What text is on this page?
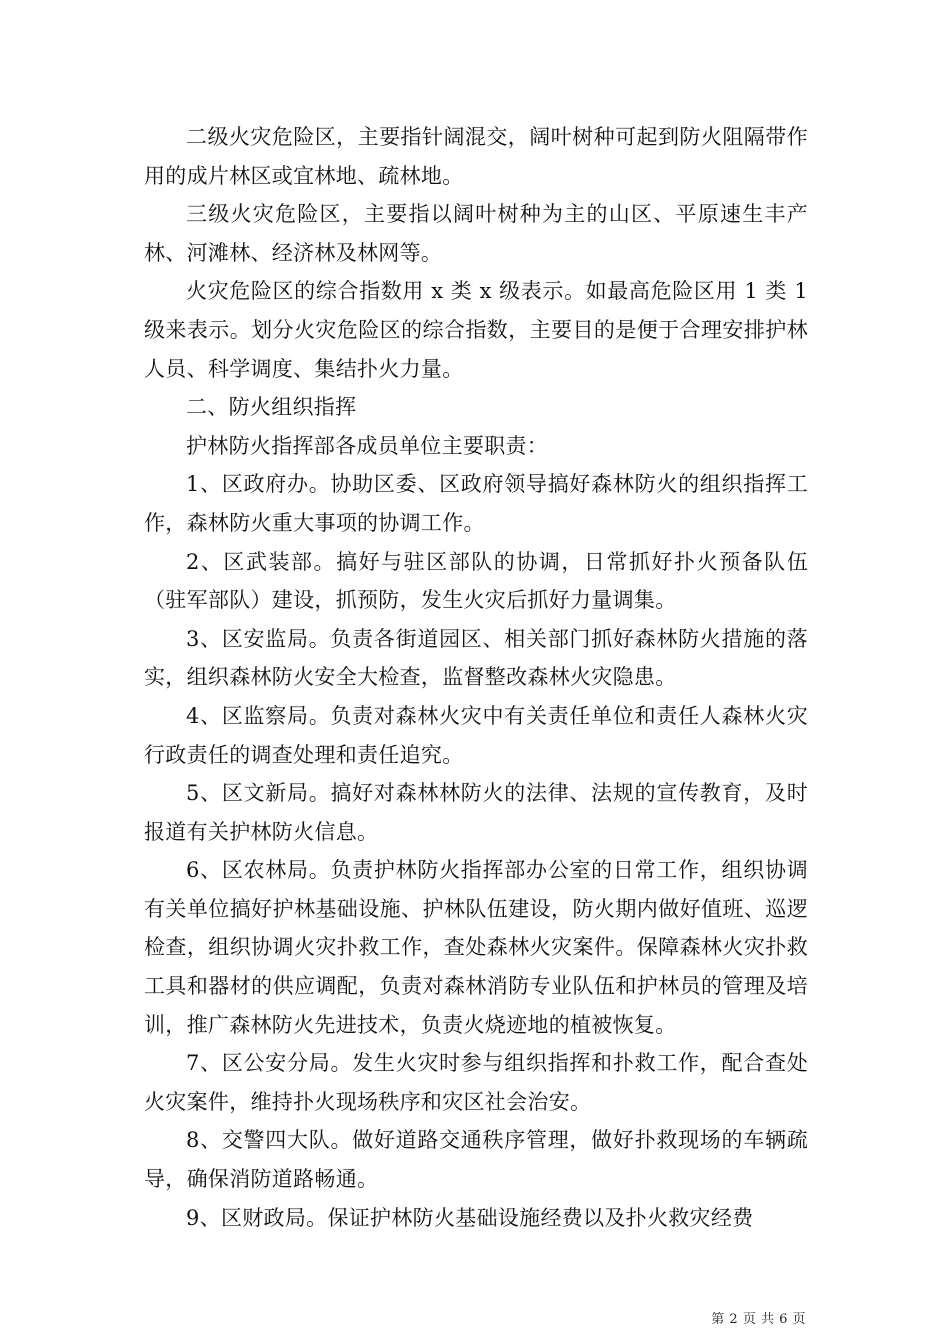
二级火灾危险区，主要指针阔混交，阔叶树种可起到防火阻隔带作用的成片林区或宜林地、疏林地。

三级火灾危险区，主要指以阔叶树种为主的山区、平原速生丰产林、河滩林、经济林及林网等。

火灾危险区的综合指数用 x 类 x 级表示。如最高危险区用 1 类 1 级来表示。划分火灾危险区的综合指数，主要目的是便于合理安排护林人员、科学调度、集结扑火力量。

二、防火组织指挥

护林防火指挥部各成员单位主要职责：

1、区政府办。协助区委、区政府领导搞好森林防火的组织指挥工作，森林防火重大事项的协调工作。

2、区武装部。搞好与驻区部队的协调，日常抓好扑火预备队伍（驻军部队）建设，抓预防，发生火灾后抓好力量调集。

3、区安监局。负责各街道园区、相关部门抓好森林防火措施的落实，组织森林防火安全大检查，监督整改森林火灾隐患。

4、区监察局。负责对森林火灾中有关责任单位和责任人森林火灾行政责任的调查处理和责任追究。

5、区文新局。搞好对森林林防火的法律、法规的宣传教育，及时报道有关护林防火信息。

6、区农林局。负责护林防火指挥部办公室的日常工作，组织协调有关单位搞好护林基础设施、护林队伍建设，防火期内做好值班、巡逻检查，组织协调火灾扑救工作，查处森林火灾案件。保障森林火灾扑救工具和器材的供应调配，负责对森林消防专业队伍和护林员的管理及培训，推广森林防火先进技术，负责火烧迹地的植被恢复。

7、区公安分局。发生火灾时参与组织指挥和扑救工作，配合查处火灾案件，维持扑火现场秩序和灾区社会治安。

8、交警四大队。做好道路交通秩序管理，做好扑救现场的车辆疏导，确保消防道路畅通。

9、区财政局。保证护林防火基础设施经费以及扑火救灾经费

第 2 页 共 6 页
